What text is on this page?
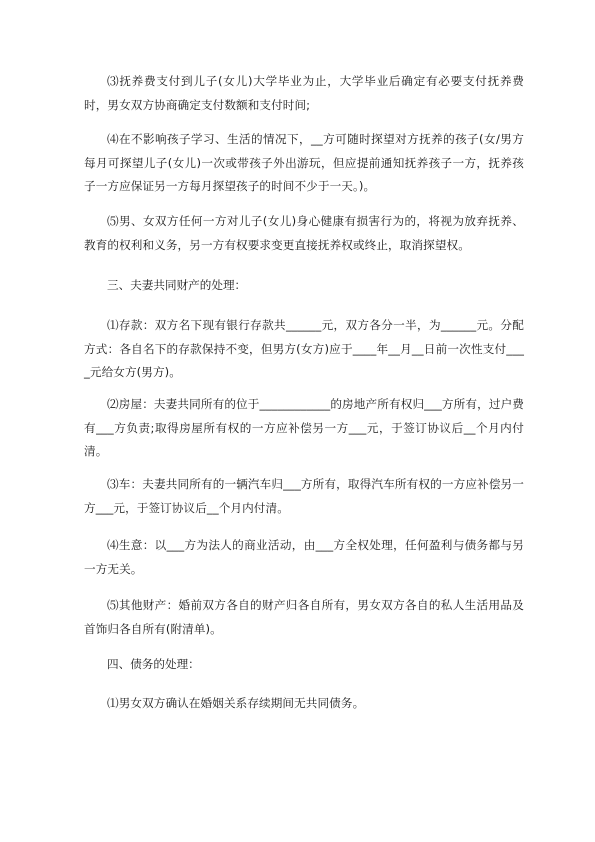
⑶抚养费支付到儿子(女儿)大学毕业为止，大学毕业后确定有必要支付抚养费时，男女双方协商确定支付数额和支付时间;

⑷在不影响孩子学习、生活的情况下，__方可随时探望对方抚养的孩子(女/男方每月可探望儿子(女儿)一次或带孩子外出游玩，但应提前通知抚养孩子一方，抚养孩子一方应保证另一方每月探望孩子的时间不少于一天。)。

⑸男、女双方任何一方对儿子(女儿)身心健康有损害行为的，将视为放弃抚养、教育的权利和义务，另一方有权要求变更直接抚养权或终止，取消探望权。

三、夫妻共同财产的处理：

⑴存款：双方名下现有银行存款共______元，双方各分一半，为______元。分配方式：各自名下的存款保持不变，但男方(女方)应于____年__月__日前一次性支付____元给女方(男方)。

⑵房屋：夫妻共同所有的位于____________的房地产所有权归___方所有，过户费有___方负责;取得房屋所有权的一方应补偿另一方___元，于签订协议后__个月内付清。

⑶车：夫妻共同所有的一辆汽车归___方所有，取得汽车所有权的一方应补偿另一方___元，于签订协议后__个月内付清。

⑷生意：以___方为法人的商业活动，由___方全权处理，任何盈利与债务都与另一方无关。

⑸其他财产：婚前双方各自的财产归各自所有，男女双方各自的私人生活用品及首饰归各自所有(附清单)。

四、债务的处理：

⑴男女双方确认在婚姻关系存续期间无共同债务。
